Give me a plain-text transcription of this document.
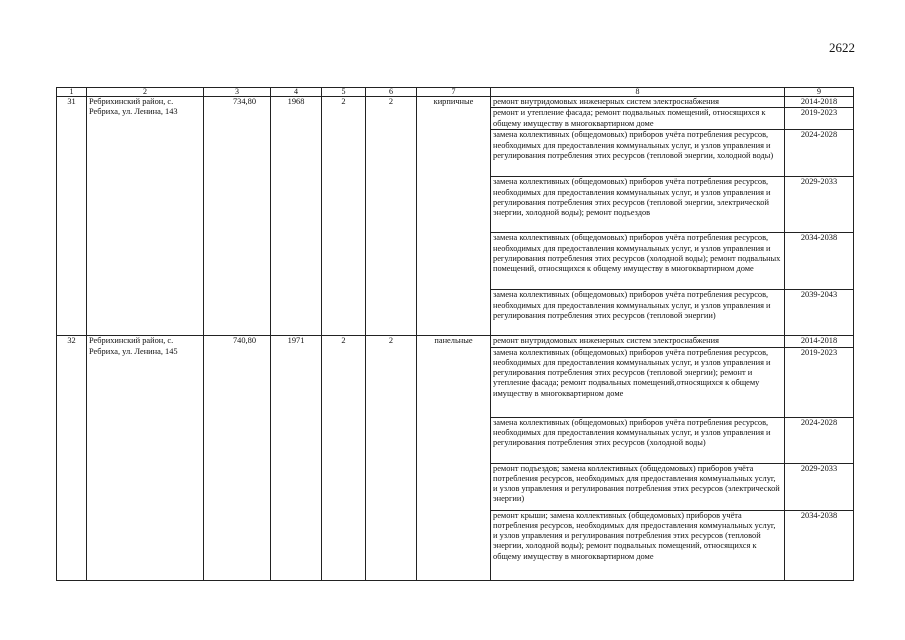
2622
1	2	3	4	5	6	7	8	9
31	Ребрихинский район, с. Ребриха, ул. Ленина, 143	734,80	1968	2	2	кирпичные	ремонт внутридомовых инженерных систем электроснабжения	2014-2018
							ремонт и утепление фасада; ремонт подвальных помещений, относящихся к общему имуществу в многоквартирном доме	2019-2023
							замена коллективных (общедомовых) приборов учёта потребления ресурсов, необходимых для предоставления коммунальных услуг, и узлов управления и регулирования потребления этих ресурсов (тепловой энергии, холодной воды)	2024-2028
							замена коллективных (общедомовых) приборов учёта потребления ресурсов, необходимых для предоставления коммунальных услуг, и узлов управления и регулирования потребления этих ресурсов (тепловой энергии, электрической энергии, холодной воды); ремонт подъездов	2029-2033
							замена коллективных (общедомовых) приборов учёта потребления ресурсов, необходимых для предоставления коммунальных услуг, и узлов управления и регулирования потребления этих ресурсов (холодной воды); ремонт подвальных помещений, относящихся к общему имуществу в многоквартирном доме	2034-2038
							замена коллективных (общедомовых) приборов учёта потребления ресурсов, необходимых для предоставления коммунальных услуг, и узлов управления и регулирования потребления этих ресурсов (тепловой энергии)	2039-2043
32	Ребрихинский район, с. Ребриха, ул. Ленина, 145	740,80	1971	2	2	панельные	ремонт внутридомовых инженерных систем электроснабжения	2014-2018
							замена коллективных (общедомовых) приборов учёта потребления ресурсов, необходимых для предоставления коммунальных услуг, и узлов управления и регулирования потребления этих ресурсов (тепловой энергии); ремонт и утепление фасада; ремонт подвальных помещений,относящихся к общему имуществу в многоквартирном доме	2019-2023
							замена коллективных (общедомовых) приборов учёта потребления ресурсов, необходимых для предоставления коммунальных услуг, и узлов управления и регулирования потребления этих ресурсов (холодной воды)	2024-2028
							ремонт подъездов; замена коллективных (общедомовых) приборов учёта потребления ресурсов, необходимых для предоставления коммунальных услуг, и узлов управления и регулирования потребления этих ресурсов (электрической энергии)	2029-2033
							ремонт крыши; замена коллективных (общедомовых) приборов учёта потребления ресурсов, необходимых для предоставления коммунальных услуг, и узлов управления и регулирования потребления этих ресурсов (тепловой энергии, холодной воды); ремонт подвальных помещений, относящихся к общему имуществу в многоквартирном доме	2034-2038
